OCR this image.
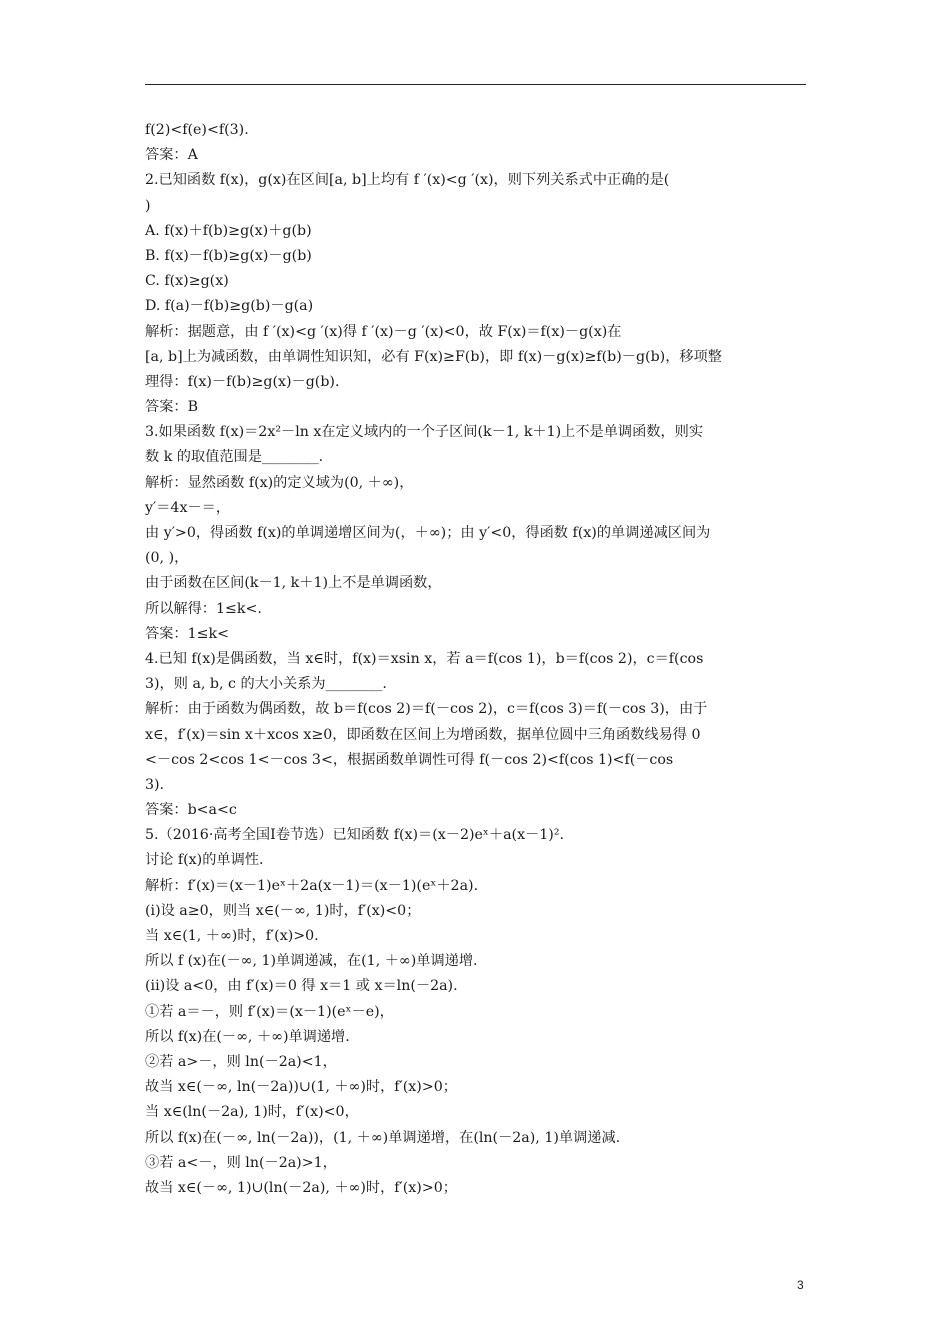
f(2)<f(e)<f(3).
答案：A
2.已知函数 f(x)，g(x)在区间[a, b]上均有 f ′(x)<g ′(x)，则下列关系式中正确的是(
)
A. f(x)＋f(b)≥g(x)＋g(b)
B. f(x)－f(b)≥g(x)－g(b)
C. f(x)≥g(x)
D. f(a)－f(b)≥g(b)－g(a)
解析：据题意，由 f ′(x)<g ′(x)得 f ′(x)－g ′(x)<0，故 F(x)＝f(x)－g(x)在
[a, b]上为减函数，由单调性知识知，必有 F(x)≥F(b)，即 f(x)－g(x)≥f(b)－g(b)，移项整
理得：f(x)－f(b)≥g(x)－g(b).
答案：B
3.如果函数 f(x)＝2x²－ln x在定义域内的一个子区间(k－1, k＋1)上不是单调函数，则实
数 k 的取值范围是________.
解析：显然函数 f(x)的定义域为(0, ＋∞)，
y′＝4x－＝，
由 y′>0，得函数 f(x)的单调递增区间为(，＋∞)；由 y′<0，得函数 f(x)的单调递减区间为
(0, )，
由于函数在区间(k－1, k＋1)上不是单调函数，
所以解得：1≤k<.
答案：1≤k<
4.已知 f(x)是偶函数，当 x∈时，f(x)＝xsin x，若 a＝f(cos 1)，b＝f(cos 2)，c＝f(cos
3)，则 a, b, c 的大小关系为________.
解析：由于函数为偶函数，故 b＝f(cos 2)＝f(－cos 2)，c＝f(cos 3)＝f(－cos 3)，由于
x∈，f′(x)＝sin x＋xcos x≥0，即函数在区间上为增函数，据单位圆中三角函数线易得 0
<－cos 2<cos 1<－cos 3<，根据函数单调性可得 f(－cos 2)<f(cos 1)<f(－cos
3).
答案：b<a<c
5.（2016·高考全国Ⅰ卷节选）已知函数 f(x)＝(x－2)eˣ＋a(x－1)².
讨论 f(x)的单调性.
解析：f′(x)＝(x－1)eˣ＋2a(x－1)＝(x－1)(eˣ＋2a).
(i)设 a≥0，则当 x∈(－∞, 1)时，f′(x)<0；
当 x∈(1, ＋∞)时，f′(x)>0.
所以 f (x)在(－∞, 1)单调递减，在(1, ＋∞)单调递增.
(ii)设 a<0，由 f′(x)＝0 得 x＝1 或 x＝ln(－2a).
①若 a＝－，则 f′(x)＝(x－1)(eˣ－e)，
所以 f(x)在(－∞, ＋∞)单调递增.
②若 a>－，则 ln(－2a)<1，
故当 x∈(－∞, ln(－2a))∪(1, ＋∞)时，f′(x)>0；
当 x∈(ln(－2a), 1)时，f′(x)<0，
所以 f(x)在(－∞, ln(－2a))，(1, ＋∞)单调递增，在(ln(－2a), 1)单调递减.
③若 a<－，则 ln(－2a)>1，
故当 x∈(－∞, 1)∪(ln(－2a), ＋∞)时，f′(x)>0；
3
